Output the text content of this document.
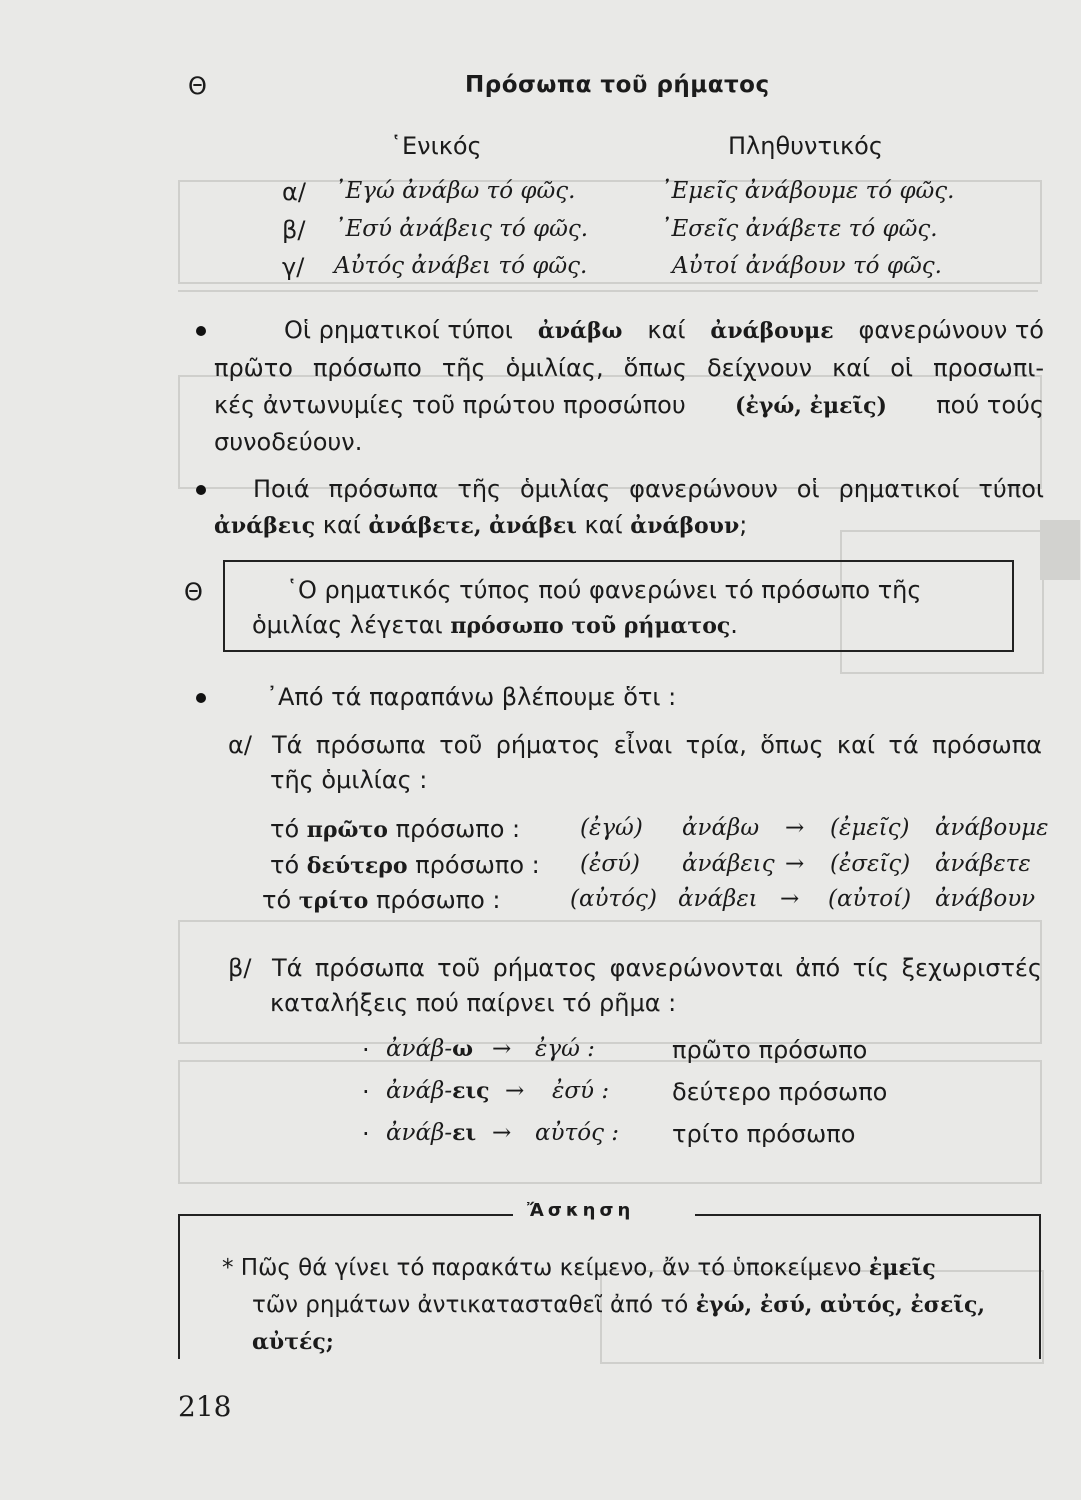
Θ	Πρόσωπα τοῦ ρήματος
῾Ενικός	Πληθυντικός
α/ ᾿Εγώ ἀνάβω τό φῶς.	᾿Εμεῖς ἀνάβουμε τό φῶς.
β/ ᾿Εσύ ἀνάβεις τό φῶς.	᾿Εσεῖς ἀνάβετε τό φῶς.
γ/ Αὐτός ἀνάβει τό φῶς.	Αὐτοί ἀνάβουν τό φῶς.
Οἱ ρηματικοί τύποι ἀνάβω καί ἀνάβουμε φανερώνουν τό
πρῶτο πρόσωπο τῆς ὁμιλίας, ὅπως δείχνουν καί οἱ προσωπι-
κές ἀντωνυμίες τοῦ πρώτου προσώπου (ἐγώ, ἐμεῖς) πού τούς
συνοδεύουν.
Ποιά πρόσωπα τῆς ὁμιλίας φανερώνουν οἱ ρηματικοί τύποι
ἀνάβεις καί ἀνάβετε, ἀνάβει καί ἀνάβουν;
Θ	῾Ο ρηματικός τύπος πού φανερώνει τό πρόσωπο τῆς
ὁμιλίας λέγεται πρόσωπο τοῦ ρήματος.
᾿Από τά παραπάνω βλέπουμε ὅτι :
α/ Τά πρόσωπα τοῦ ρήματος εἶναι τρία, ὅπως καί τά πρόσωπα
τῆς ὁμιλίας :
τό πρῶτο πρόσωπο :	(ἐγώ) ἀνάβω → (ἐμεῖς) ἀνάβουμε
τό δεύτερο πρόσωπο : (ἐσύ) ἀνάβεις → (ἐσεῖς) ἀνάβετε
τό τρίτο πρόσωπο :	(αὐτός) ἀνάβει → (αὐτοί) ἀνάβουν
β/ Τά πρόσωπα τοῦ ρήματος φανερώνονται ἀπό τίς ξεχωριστές
καταλήξεις πού παίρνει τό ρῆμα :
· ἀνάβ-ω → ἐγώ :	πρῶτο πρόσωπο
· ἀνάβ-εις → ἐσύ :	δεύτερο πρόσωπο
· ἀνάβ-ει → αὐτός : τρίτο πρόσωπο
Ἄσκηση
* Πῶς θά γίνει τό παρακάτω κείμενο, ἄν τό ὑποκείμενο ἐμεῖς
τῶν ρημάτων ἀντικατασταθεῖ ἀπό τό ἐγώ, ἐσύ, αὐτός, ἐσεῖς,
αὐτές;
218
